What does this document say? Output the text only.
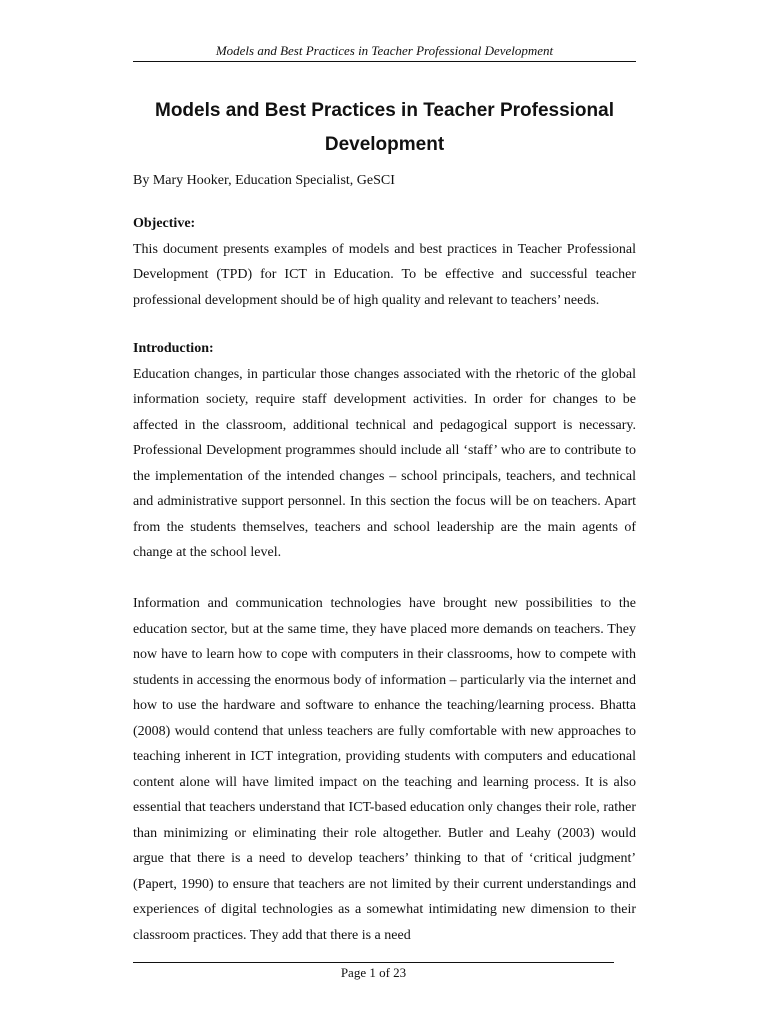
Models and Best Practices in Teacher Professional Development
Models and Best Practices in Teacher Professional Development
By Mary Hooker, Education Specialist, GeSCI

Objective:

This document presents examples of models and best practices in Teacher Professional Development (TPD) for ICT in Education. To be effective and successful teacher professional development should be of high quality and relevant to teachers’ needs.

Introduction:

Education changes, in particular those changes associated with the rhetoric of the global information society, require staff development activities. In order for changes to be affected in the classroom, additional technical and pedagogical support is necessary. Professional Development programmes should include all ‘staff’ who are to contribute to the implementation of the intended changes – school principals, teachers, and technical and administrative support personnel. In this section the focus will be on teachers. Apart from the students themselves, teachers and school leadership are the main agents of change at the school level.

Information and communication technologies have brought new possibilities to the education sector, but at the same time, they have placed more demands on teachers. They now have to learn how to cope with computers in their classrooms, how to compete with students in accessing the enormous body of information – particularly via the internet and how to use the hardware and software to enhance the teaching/learning process. Bhatta (2008) would contend that unless teachers are fully comfortable with new approaches to teaching inherent in ICT integration, providing students with computers and educational content alone will have limited impact on the teaching and learning process. It is also essential that teachers understand that ICT-based education only changes their role, rather than minimizing or eliminating their role altogether. Butler and Leahy (2003) would argue that there is a need to develop teachers’ thinking to that of ‘critical judgment’ (Papert, 1990) to ensure that teachers are not limited by their current understandings and experiences of digital technologies as a somewhat intimidating new dimension to their classroom practices. They add that there is a need

Page 1 of 23
